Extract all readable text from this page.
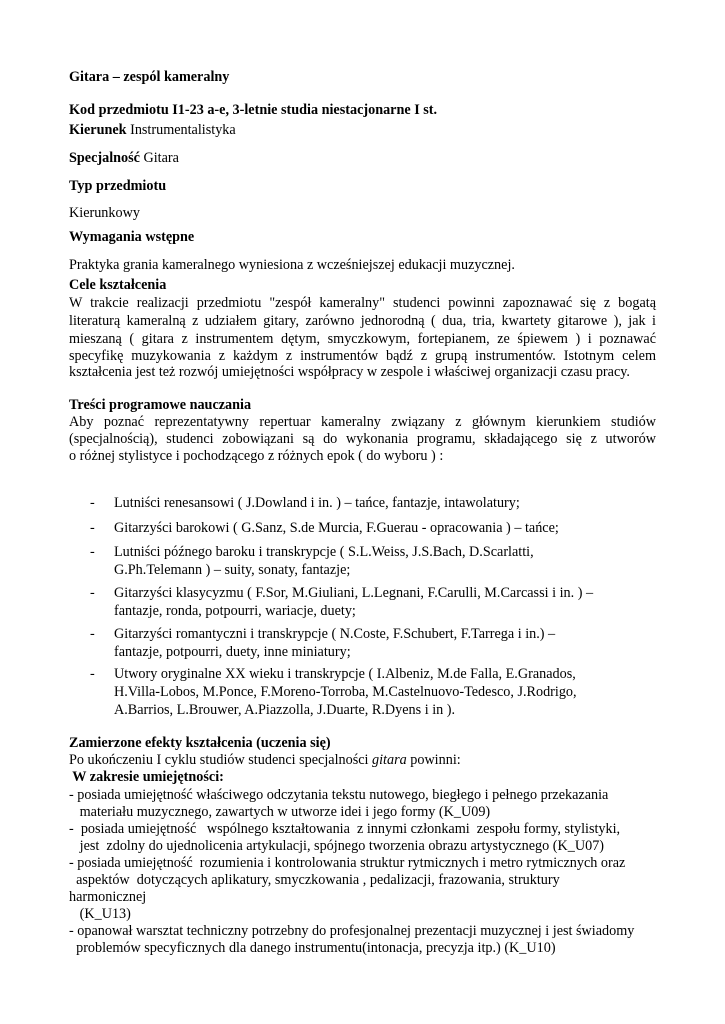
Gitara – zespól kameralny
Kod przedmiotu I1-23 a-e, 3-letnie studia niestacjonarne I st.
Kierunek Instrumentalistyka
Specjalność Gitara
Typ przedmiotu
Kierunkowy
Wymagania wstępne
Praktyka grania kameralnego wyniesiona z wcześniejszej edukacji muzycznej.
Cele kształcenia
W trakcie realizacji przedmiotu "zespół kameralny" studenci powinni zapoznawać się z bogatą
literaturą kameralną z udziałem gitary, zarówno jednorodną ( dua, tria, kwartety gitarowe ), jak i
mieszaną ( gitara z instrumentem dętym, smyczkowym, fortepianem, ze śpiewem ) i poznawać
specyfikę muzykowania z każdym z instrumentów bądź z grupą instrumentów. Istotnym celem
kształcenia jest też rozwój umiejętności współpracy w zespole i właściwej organizacji czasu pracy.
Treści programowe nauczania
Aby poznać reprezentatywny repertuar kameralny związany z głównym kierunkiem studiów
(specjalnością), studenci zobowiązani są do wykonania programu, składającego się z utworów
o różnej stylistyce i pochodzącego z różnych epok ( do wyboru ) :
- Lutniści renesansowi ( J.Dowland i in. ) – tańce, fantazje, intawolatury;
- Gitarzyści barokowi ( G.Sanz, S.de Murcia, F.Guerau - opracowania ) – tańce;
- Lutniści późnego baroku i transkrypcje ( S.L.Weiss, J.S.Bach, D.Scarlatti,
G.Ph.Telemann ) – suity, sonaty, fantazje;
- Gitarzyści klasycyzmu ( F.Sor, M.Giuliani, L.Legnani, F.Carulli, M.Carcassi i in. ) –
fantazje, ronda, potpourri, wariacje, duety;
- Gitarzyści romantyczni i transkrypcje ( N.Coste, F.Schubert, F.Tarrega i in.) –
fantazje, potpourri, duety, inne miniatury;
- Utwory oryginalne XX wieku i transkrypcje ( I.Albeniz, M.de Falla, E.Granados,
H.Villa-Lobos, M.Ponce, F.Moreno-Torroba, M.Castelnuovo-Tedesco, J.Rodrigo,
A.Barrios, L.Brouwer, A.Piazzolla, J.Duarte, R.Dyens i in ).
Zamierzone efekty kształcenia (uczenia się)
Po ukończeniu I cyklu studiów studenci specjalności gitara powinni:
W zakresie umiejętności:
- posiada umiejętność właściwego odczytania tekstu nutowego, biegłego i pełnego przekazania
materiału muzycznego, zawartych w utworze idei i jego formy (K_U09)
-  posiada umiejętność   wspólnego kształtowania  z innymi członkami  zespołu formy, stylistyki,
jest  zdolny do ujednolicenia artykulacji, spójnego tworzenia obrazu artystycznego (K_U07)
- posiada umiejętność  rozumienia i kontrolowania struktur rytmicznych i metro rytmicznych oraz
aspektów  dotyczących aplikatury, smyczkowania , pedalizacji, frazowania, struktury
harmonicznej
(K_U13)
- opanował warsztat techniczny potrzebny do profesjonalnej prezentacji muzycznej i jest świadomy
problemów specyficznych dla danego instrumentu(intonacja, precyzja itp.) (K_U10)
